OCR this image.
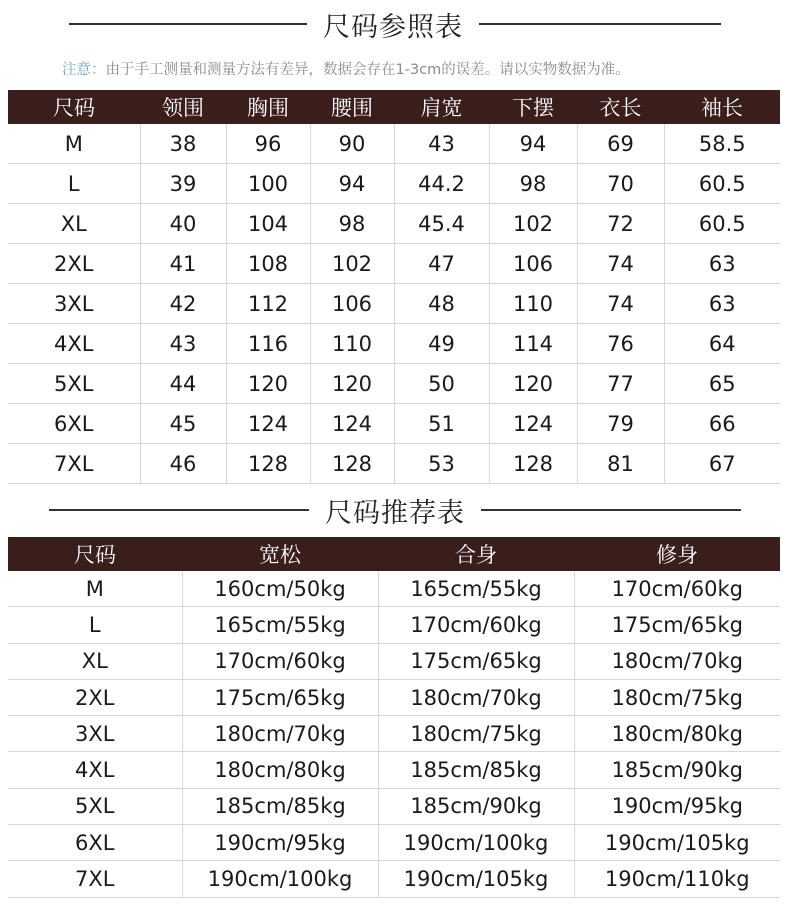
尺码参照表
注意：由于手工测量和测量方法有差异，数据会存在1-3cm的误差。请以实物数据为准。
尺码	领围	胸围	腰围	肩宽	下摆	衣长	袖长
M	38	96	90	43	94	69	58.5
L	39	100	94	44.2	98	70	60.5
XL	40	104	98	45.4	102	72	60.5
2XL	41	108	102	47	106	74	63
3XL	42	112	106	48	110	74	63
4XL	43	116	110	49	114	76	64
5XL	44	120	120	50	120	77	65
6XL	45	124	124	51	124	79	66
7XL	46	128	128	53	128	81	67
尺码推荐表
尺码	宽松	合身	修身
M	160cm/50kg	165cm/55kg	170cm/60kg
L	165cm/55kg	170cm/60kg	175cm/65kg
XL	170cm/60kg	175cm/65kg	180cm/70kg
2XL	175cm/65kg	180cm/70kg	180cm/75kg
3XL	180cm/70kg	180cm/75kg	180cm/80kg
4XL	180cm/80kg	185cm/85kg	185cm/90kg
5XL	185cm/85kg	185cm/90kg	190cm/95kg
6XL	190cm/95kg	190cm/100kg	190cm/105kg
7XL	190cm/100kg	190cm/105kg	190cm/110kg
